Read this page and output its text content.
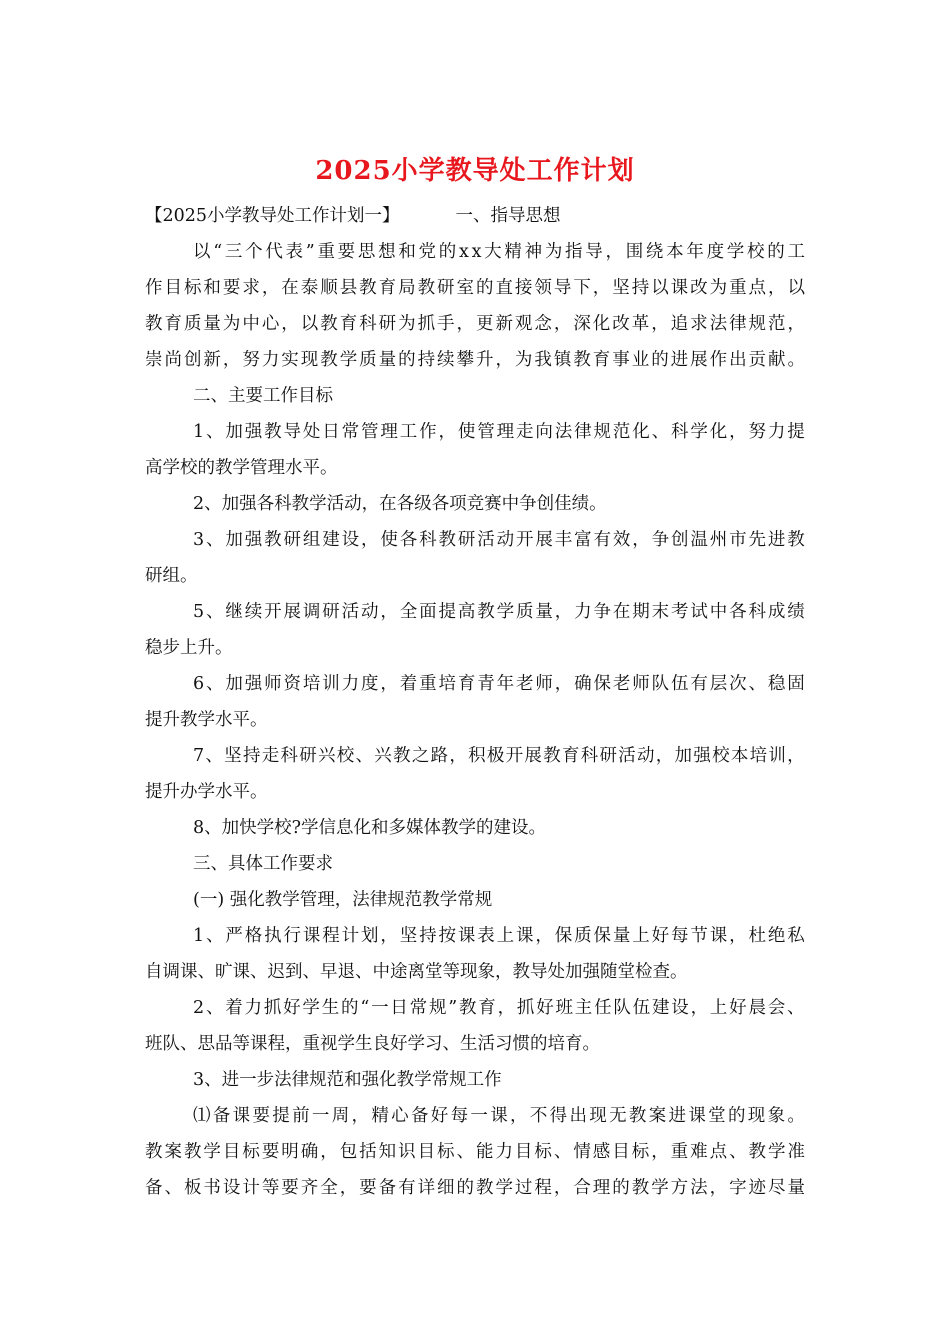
2025小学教导处工作计划
【2025小学教导处工作计划一】	一、指导思想
以 “ 三 个 代 表 ” 重 要 思 想 和 党 的 x x 大 精 神 为 指 导 ， 围 绕 本 年 度 学 校 的 工
作 目 标 和 要 求 ， 在 泰 顺 县 教 育 局 教 研 室 的 直 接 领 导 下 ， 坚 持 以 课 改 为 重 点 ， 以
教 育 质 量 为 中 心 ， 以 教 育 科 研 为 抓 手 ， 更 新 观 念 ， 深 化 改 革 ， 追 求 法 律 规 范 ，
崇 尚 创 新 ， 努 力 实 现 教 学 质 量 的 持 续 攀 升 ， 为 我 镇 教 育 事 业 的 进 展 作 出 贡 献 。
二、主要工作目标
1 、 加 强 教 导 处 日 常 管 理 工 作 ， 使 管 理 走 向 法 律 规 范 化 、 科 学 化 ， 努 力 提
高学校的教学管理水平。
2、加强各科教学活动，在各级各项竞赛中争创佳绩。
3 、 加 强 教 研 组 建 设 ， 使 各 科 教 研 活 动 开 展 丰 富 有 效 ， 争 创 温 州 市 先 进 教
研组。
5 、 继 续 开 展 调 研 活 动 ， 全 面 提 高 教 学 质 量 ， 力 争 在 期 末 考 试 中 各 科 成 绩
稳步上升。
6 、 加 强 师 资 培 训 力 度 ， 着 重 培 育 青 年 老 师 ， 确 保 老 师 队 伍 有 层 次 、 稳 固
提升教学水平。
7 、 坚 持 走 科 研 兴 校 、 兴 教 之 路 ， 积 极 开 展 教 育 科 研 活 动 ， 加 强 校 本 培 训 ，
提升办学水平。
8、加快学校?学信息化和多媒体教学的建设。
三、具体工作要求
(一) 强化教学管理，法律规范教学常规
1 、 严 格 执 行 课 程 计 划 ， 坚 持 按 课 表 上 课 ， 保 质 保 量 上 好 每 节 课 ， 杜 绝 私
自调课、旷课、迟到、早退、中途离堂等现象，教导处加强随堂检查。
2 、 着 力 抓 好 学 生 的 “ 一 日 常 规 ” 教 育 ， 抓 好 班 主 任 队 伍 建 设 ， 上 好 晨 会 、
班队、思品等课程，重视学生良好学习、生活习惯的培育。
3、进一步法律规范和强化教学常规工作
⑴ 备 课 要 提 前 一 周 ， 精 心 备 好 每 一 课 ， 不 得 出 现 无 教 案 进 课 堂 的 现 象 。
教 案 教 学 目 标 要 明 确 ， 包 括 知 识 目 标 、 能 力 目 标 、 情 感 目 标 ， 重 难 点 、 教 学 准
备 、 板 书 设 计 等 要 齐 全 ， 要 备 有 详 细 的 教 学 过 程 ， 合 理 的 教 学 方 法 ， 字 迹 尽 量
